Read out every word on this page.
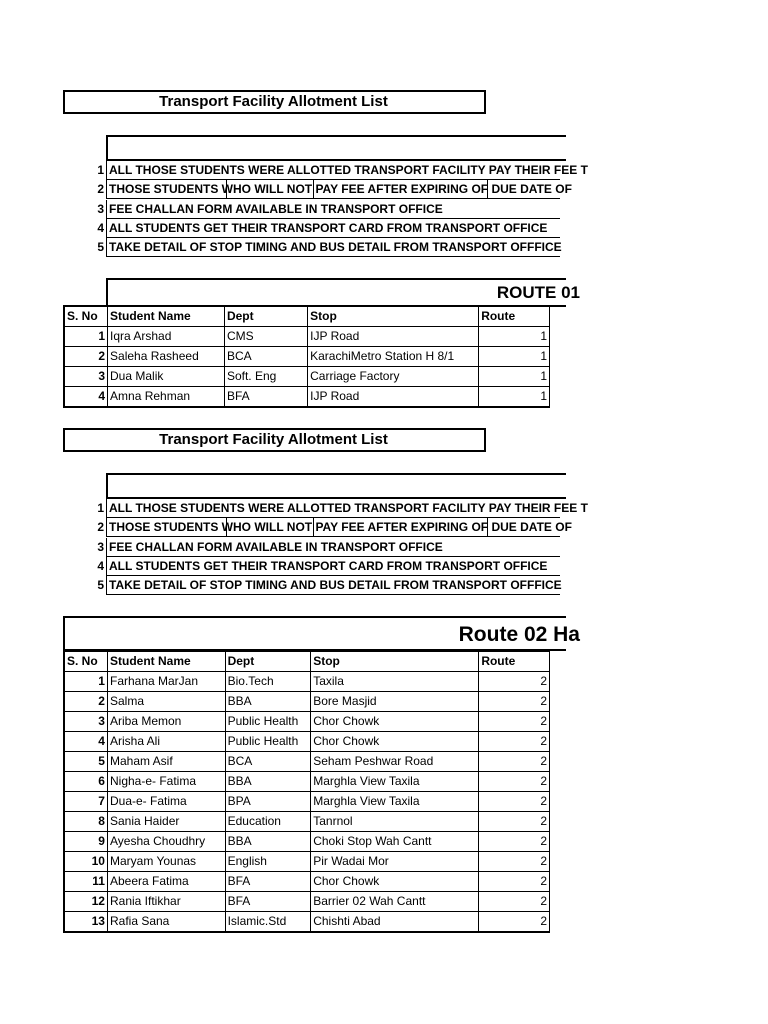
Transport Facility Allotment List
1 ALL THOSE STUDENTS WERE ALLOTTED TRANSPORT FACILITY PAY THEIR FEE T
2 THOSE STUDENTS WHO WILL NOT PAY FEE AFTER EXPIRING OF DUE DATE OF
3 FEE CHALLAN FORM AVAILABLE IN TRANSPORT OFFICE
4 ALL STUDENTS GET THEIR TRANSPORT CARD FROM TRANSPORT OFFICE
5 TAKE DETAIL OF STOP TIMING AND BUS DETAIL FROM TRANSPORT OFFFICE
ROUTE 01
S. No	Student Name	Dept	Stop	Route
1	Iqra Arshad	CMS	IJP Road	1
2	Saleha Rasheed	BCA	KarachiMetro Station H 8/1	1
3	Dua Malik	Soft. Eng	Carriage Factory	1
4	Amna Rehman	BFA	IJP Road	1
Transport Facility Allotment List
1 ALL THOSE STUDENTS WERE ALLOTTED TRANSPORT FACILITY PAY THEIR FEE T
2 THOSE STUDENTS WHO WILL NOT PAY FEE AFTER EXPIRING OF DUE DATE OF
3 FEE CHALLAN FORM AVAILABLE IN TRANSPORT OFFICE
4 ALL STUDENTS GET THEIR TRANSPORT CARD FROM TRANSPORT OFFICE
5 TAKE DETAIL OF STOP TIMING AND BUS DETAIL FROM TRANSPORT OFFFICE
Route 02 Ha
S. No	Student Name	Dept	Stop	Route
1	Farhana MarJan	Bio.Tech	Taxila	2
2	Salma	BBA	Bore Masjid	2
3	Ariba Memon	Public Health	Chor Chowk	2
4	Arisha Ali	Public Health	Chor Chowk	2
5	Maham Asif	BCA	Seham Peshwar Road	2
6	Nigha-e- Fatima	BBA	Marghla View Taxila	2
7	Dua-e- Fatima	BPA	Marghla View Taxila	2
8	Sania Haider	Education	Tanrnol	2
9	Ayesha Choudhry	BBA	Choki Stop Wah Cantt	2
10	Maryam Younas	English	Pir Wadai Mor	2
11	Abeera Fatima	BFA	Chor Chowk	2
12	Rania Iftikhar	BFA	Barrier 02 Wah Cantt	2
13	Rafia Sana	Islamic.Std	Chishti Abad	2
